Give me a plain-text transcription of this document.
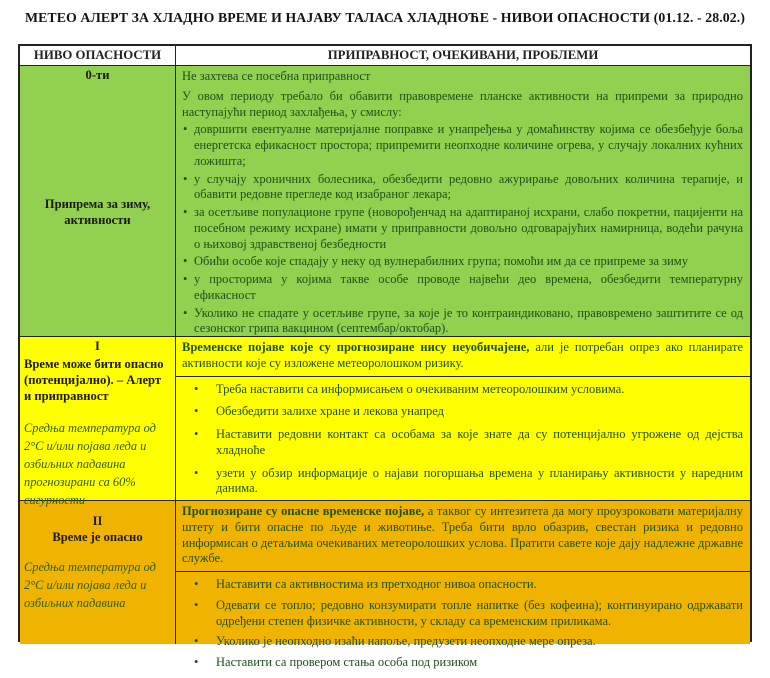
МЕТЕО АЛЕРТ ЗА ХЛАДНО ВРЕМЕ И НАЈАВУ ТАЛАСА ХЛАДНОЋЕ - НИВОИ ОПАСНОСТИ (01.12. - 28.02.)
НИВО ОПАСНОСТИ	ПРИПРАВНОСТ, ОЧЕКИВАНИ, ПРОБЛЕМИ
0-ти
Припрема за зиму, активности
Не захтева се посебна приправност
У овом периоду требало би обавити правовремене планске активности на припреми за природно наступајући период захлађења, у смислу:
• довршити евентуалне материјалне поправке и унапређења у домаћинству којима се обезбеђује боља енергетска ефикасност простора; припремити неопходне количине огрева, у случају локалних кућних ложишта;
• у случају хроничних болесника, обезбедити редовно ажурирање довољних количина терапије, и обавити редовне прегледе код изабраног лекара;
• за осетљиве популационе групе (новорођенчад на адаптираној исхрани, слабо покретни, пацијенти на посебном режиму исхране) имати у приправности довољно одговарајућих намирница, водећи рачуна о њиховој здравственој безбедности
• Обићи особе које спадају у неку од вулнерабилних група; помоћи им да се припреме за зиму
• у просторима у којима такве особе проводе највећи део времена, обезбедити температурну ефикасност
• Уколико не спадате у осетљиве групе, за које је то контраиндиковано, правовремено заштитите се од сезонског грипа вакцином (септембар/октобар).
I
Време може бити опасно (потенцијално). – Алерт и приправност
Средња температура од 2°С и/или појава леда и озбиљних падавина прогнозирани са 60% сигурности
Временске појаве које су прогнозиране нису неуобичајене, али је потребан опрез ако планирате активности које су изложене метеоролошком ризику.
• Треба наставити са информисањем о очекиваним метеоролошким условима.
• Обезбедити залихе хране и лекова унапред
• Наставити редовни контакт са особама за које знате да су потенцијално угрожене од дејства хладноће
• узети у обзир информације о најави погоршања времена у планирању активности у наредним данима.
II
Време је опасно
Средња температура од 2°С и/или појава леда и озбиљних падавина
Прогнозиране су опасне временске појаве, а таквог су интезитета да могу проузроковати материјалну штету и бити опасне по људе и животиње. Треба бити врло обазрив, свестан ризика и редовно информисан о детаљима очекиваних метеоролошких услова. Пратити савете које дају надлежне државне службе.
• Наставити са активностима из претходног нивоа опасности.
• Одевати се топло; редовно конзумирати топле напитке (без кофеина); континуирано одржавати одређени степен физичке активности, у складу са временским приликама.
• Уколико је неопходно изаћи напоље, предузети неопходне мере опреза.
• Наставити са провером стања особа под ризиком
